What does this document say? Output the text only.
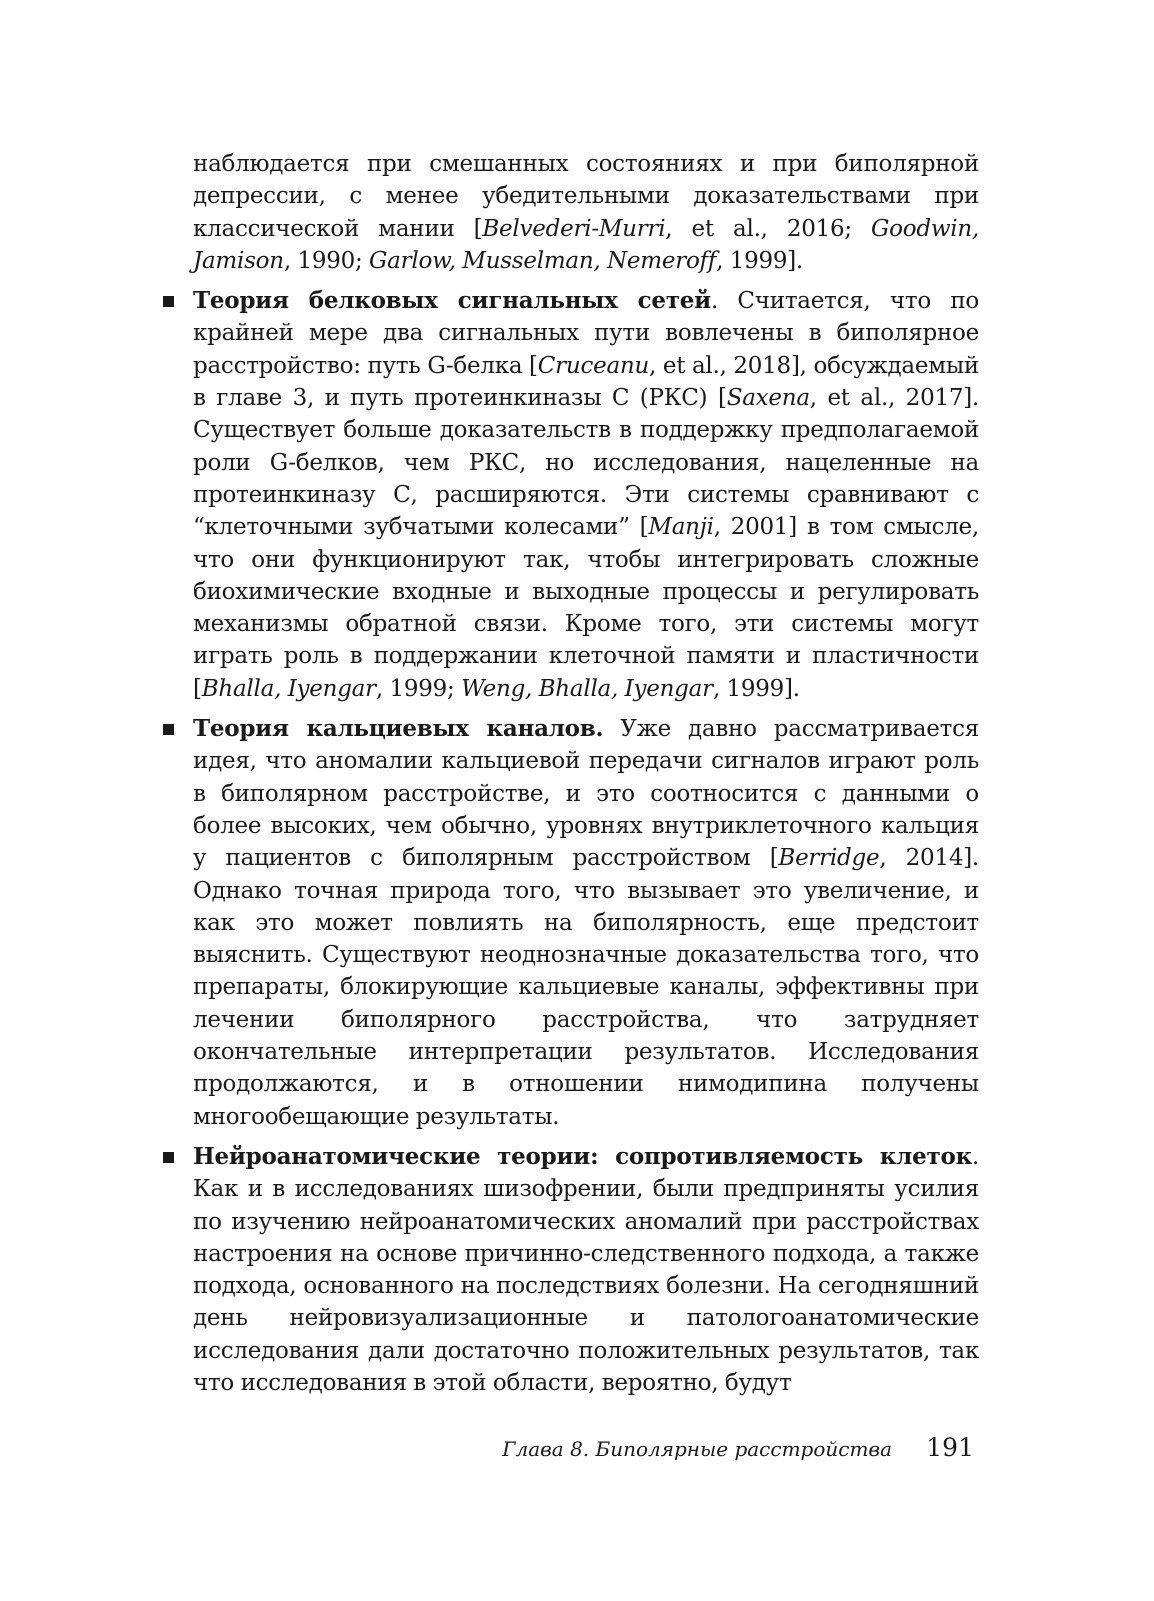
наблюдается при смешанных состояниях и при биполярной депрессии, с менее убедительными доказательствами при классической мании [Belvederi-Murri, et al., 2016; Goodwin, Jamison, 1990; Garlow, Musselman, Nemeroff, 1999].

Теория белковых сигнальных сетей. Считается, что по крайней мере два сигнальных пути вовлечены в биполярное расстройство: путь G-белка [Cruceanu, et al., 2018], обсуждаемый в главе 3, и путь протеинкиназы С (РКС) [Saxena, et al., 2017]. Существует больше доказательств в поддержку предполагаемой роли G-белков, чем РКС, но исследования, нацеленные на протеинкиназу С, расширяются. Эти системы сравнивают с “клеточными зубчатыми колесами” [Manji, 2001] в том смысле, что они функционируют так, чтобы интегрировать сложные биохимические входные и выходные процессы и регулировать механизмы обратной связи. Кроме того, эти системы могут играть роль в поддержании клеточной памяти и пластичности [Bhalla, Iyengar, 1999; Weng, Bhalla, Iyengar, 1999].

Теория кальциевых каналов. Уже давно рассматривается идея, что аномалии кальциевой передачи сигналов играют роль в биполярном расстройстве, и это соотносится с данными о более высоких, чем обычно, уровнях внутриклеточного кальция у пациентов с биполярным расстройством [Berridge, 2014]. Однако точная природа того, что вызывает это увеличение, и как это может повлиять на биполярность, еще предстоит выяснить. Существуют неоднозначные доказательства того, что препараты, блокирующие кальциевые каналы, эффективны при лечении биполярного расстройства, что затрудняет окончательные интерпретации результатов. Исследования продолжаются, и в отношении нимодипина получены многообещающие результаты.

Нейроанатомические теории: сопротивляемость клеток. Как и в исследованиях шизофрении, были предприняты усилия по изучению нейроанатомических аномалий при расстройствах настроения на основе причинно-следственного подхода, а также подхода, основанного на последствиях болезни. На сегодняшний день нейровизуализационные и патологоанатомические исследования дали достаточно положительных результатов, так что исследования в этой области, вероятно, будут

Глава 8. Биполярные расстройства 191
